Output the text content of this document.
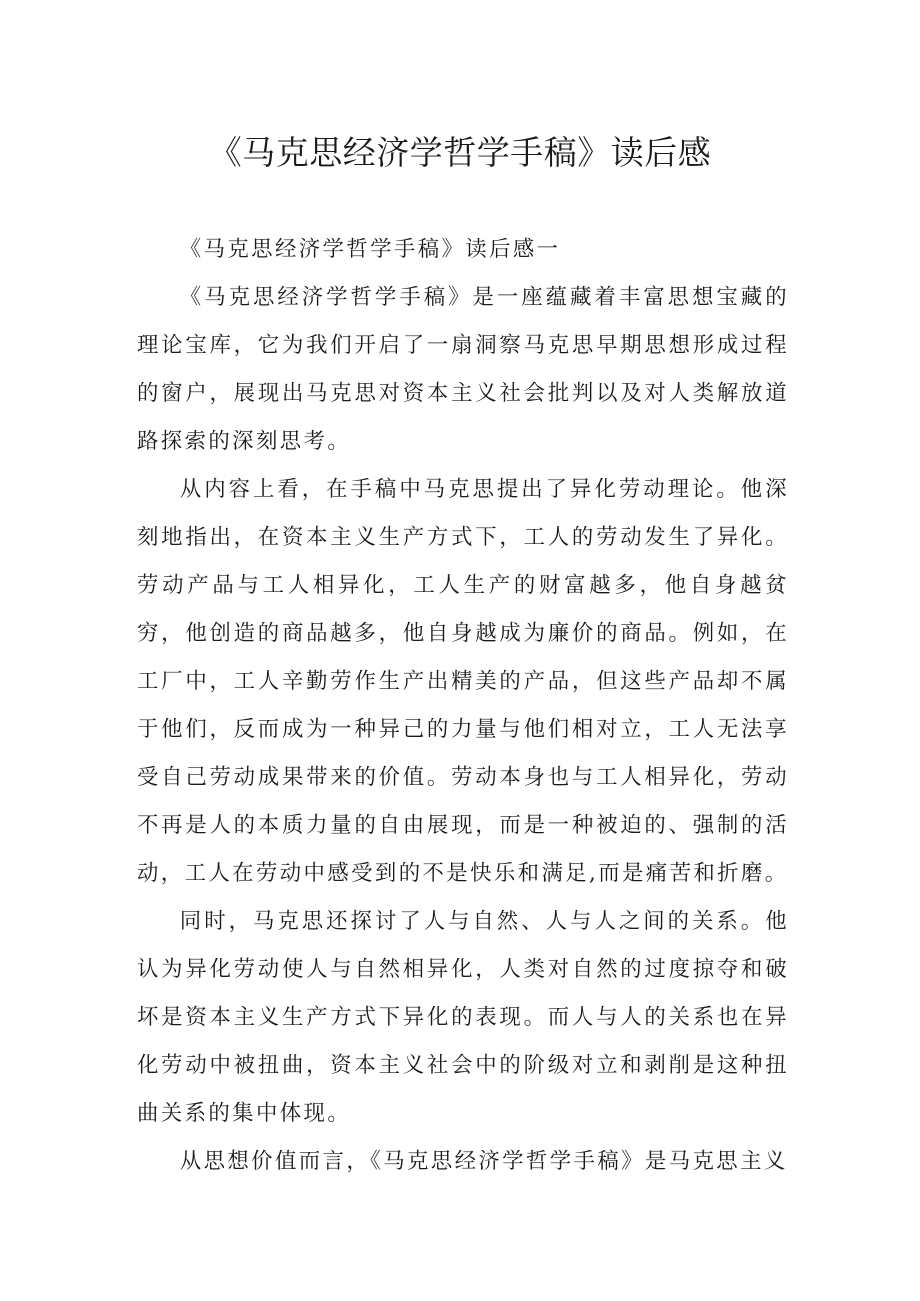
《马克思经济学哲学手稿》读后感

《马克思经济学哲学手稿》读后感一

《马克思经济学哲学手稿》是一座蕴藏着丰富思想宝藏的理论宝库，它为我们开启了一扇洞察马克思早期思想形成过程的窗户，展现出马克思对资本主义社会批判以及对人类解放道路探索的深刻思考。

从内容上看，在手稿中马克思提出了异化劳动理论。他深刻地指出，在资本主义生产方式下，工人的劳动发生了异化。劳动产品与工人相异化，工人生产的财富越多，他自身越贫穷，他创造的商品越多，他自身越成为廉价的商品。例如，在工厂中，工人辛勤劳作生产出精美的产品，但这些产品却不属于他们，反而成为一种异己的力量与他们相对立，工人无法享受自己劳动成果带来的价值。劳动本身也与工人相异化，劳动不再是人的本质力量的自由展现，而是一种被迫的、强制的活动，工人在劳动中感受到的不是快乐和满足,而是痛苦和折磨。

同时，马克思还探讨了人与自然、人与人之间的关系。他认为异化劳动使人与自然相异化，人类对自然的过度掠夺和破坏是资本主义生产方式下异化的表现。而人与人的关系也在异化劳动中被扭曲，资本主义社会中的阶级对立和剥削是这种扭曲关系的集中体现。

从思想价值而言，《马克思经济学哲学手稿》是马克思主义
